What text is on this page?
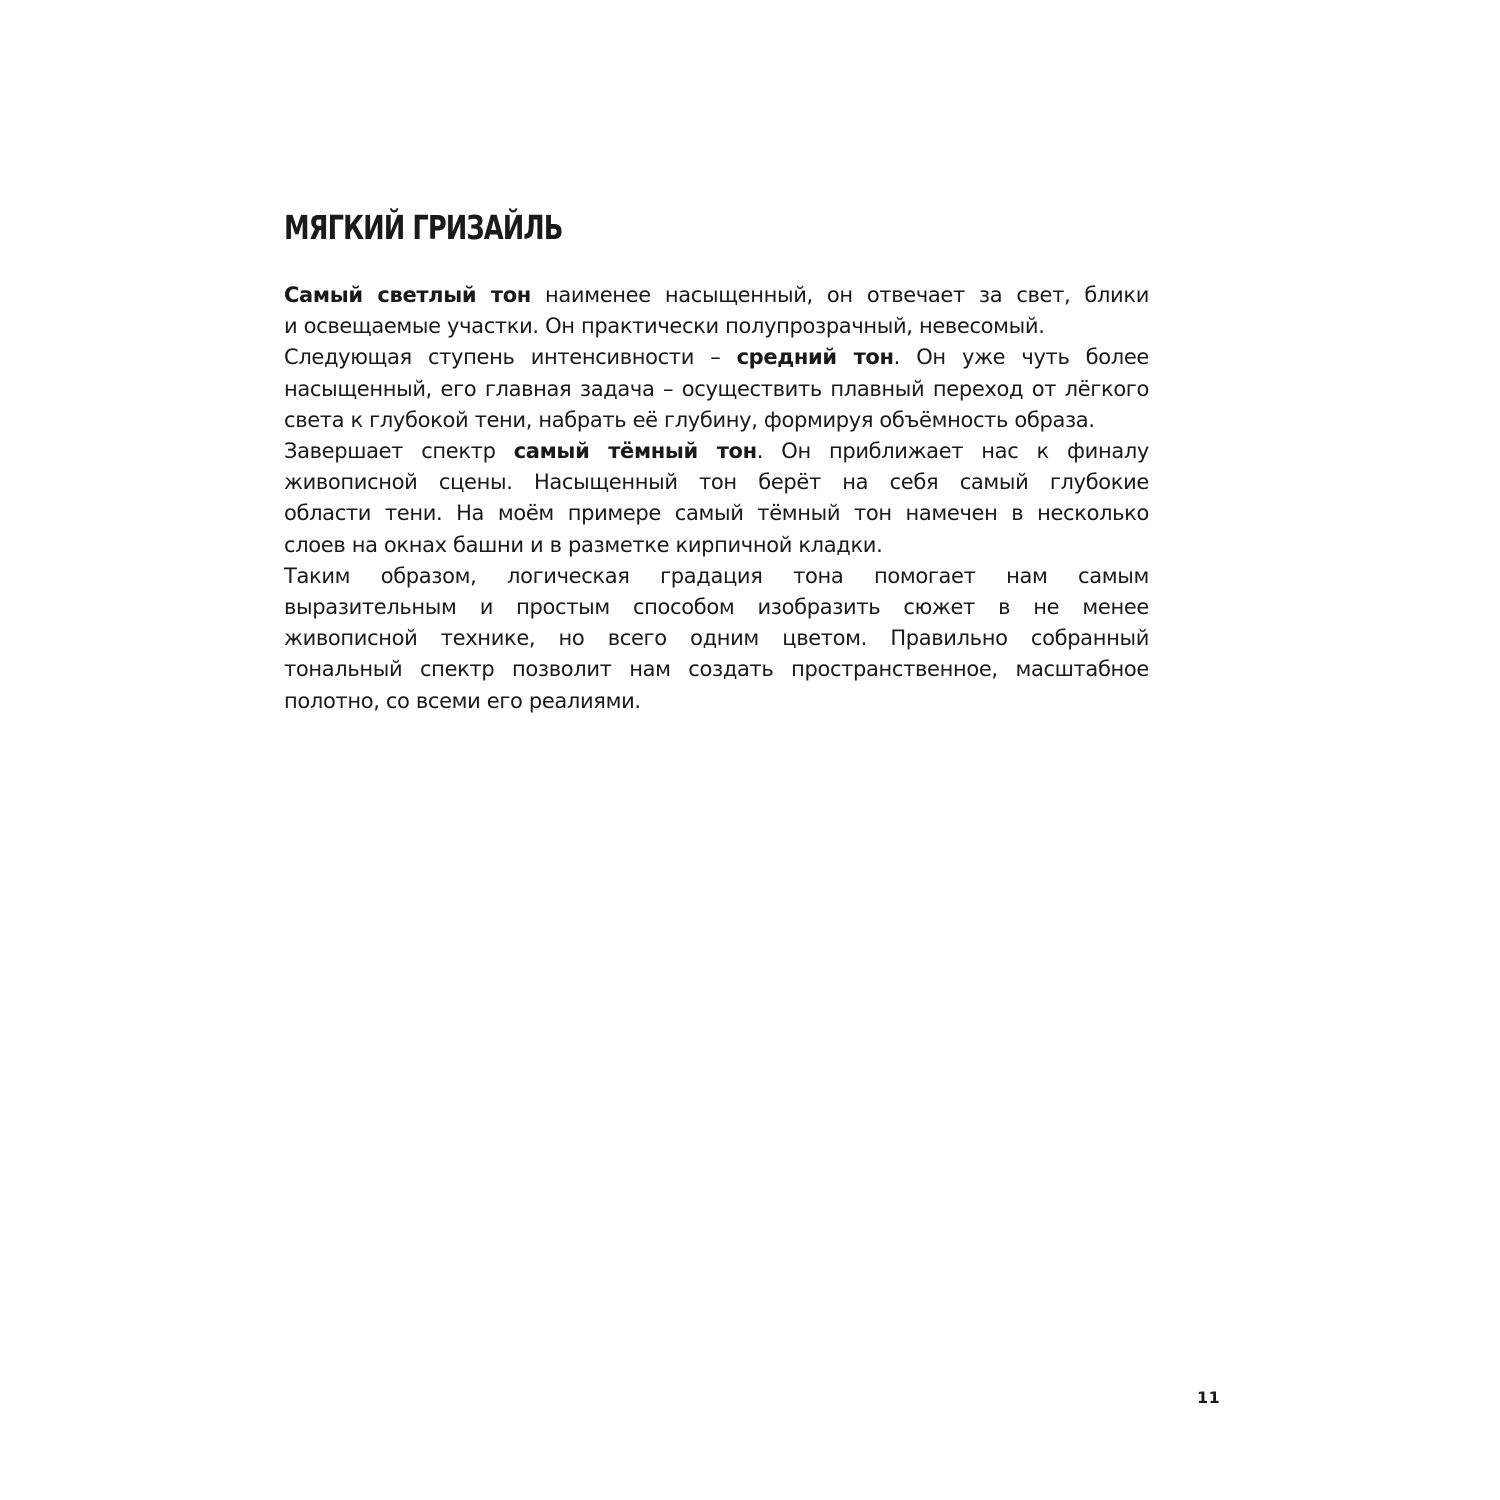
МЯГКИЙ ГРИЗАЙЛЬ

Самый светлый тон наименее насыщенный, он отвечает за свет, блики

и освещаемые участки. Он практически полупрозрачный, невесомый.

Следующая ступень интенсивности – средний тон. Он уже чуть более

насыщенный, его главная задача – осуществить плавный переход от лёгкого

света к глубокой тени, набрать её глубину, формируя объёмность образа.

Завершает спектр самый тёмный тон. Он приближает нас к финалу

живописной сцены. Насыщенный тон берёт на себя самый глубокие

области тени. На моём примере самый тёмный тон намечен в несколько

слоев на окнах башни и в разметке кирпичной кладки.

Таким образом, логическая градация тона помогает нам самым

выразительным и простым способом изобразить сюжет в не менее

живописной технике, но всего одним цветом. Правильно собранный

тональный спектр позволит нам создать пространственное, масштабное

полотно, со всеми его реалиями.

11
